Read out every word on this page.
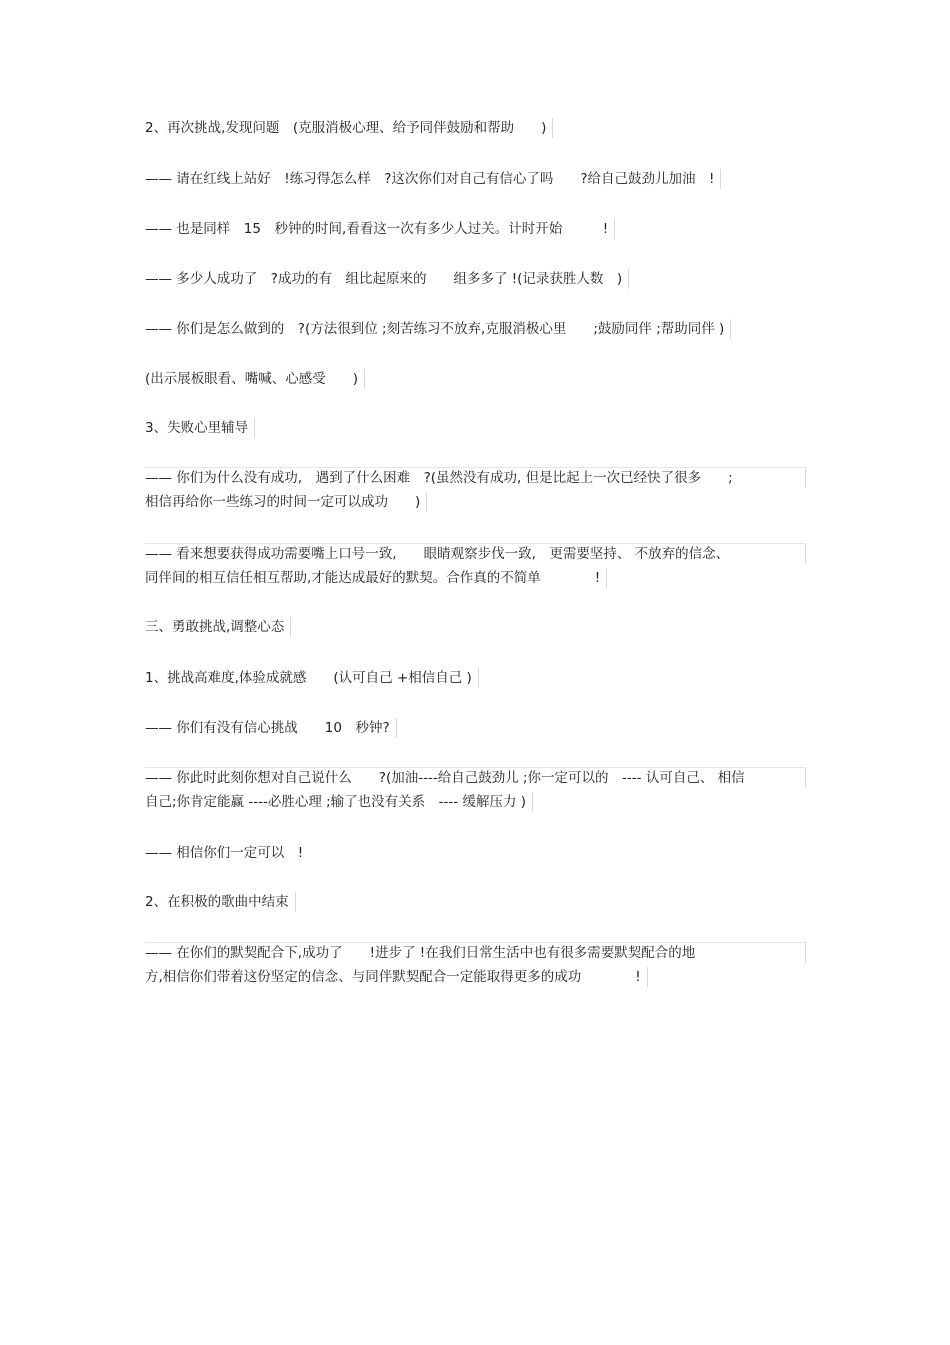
2、再次挑战,发现问题　(克服消极心理、给予同伴鼓励和帮助　　)
—— 请在红线上站好　!练习得怎么样　?这次你们对自己有信心了吗　　?给自己鼓劲儿加油　!
—— 也是同样　15　秒钟的时间,看看这一次有多少人过关。计时开始　　　!
—— 多少人成功了　?成功的有　组比起原来的　　组多多了 !(记录获胜人数　)
—— 你们是怎么做到的　?(方法很到位 ;刻苦练习不放弃,克服消极心里　　;鼓励同伴 ;帮助同伴 )
(出示展板眼看、嘴喊、心感受　　)
3、失败心里辅导
—— 你们为什么没有成功,　遇到了什么困难　?(虽然没有成功, 但是比起上一次已经快了很多　　;
相信再给你一些练习的时间一定可以成功　　)
—— 看来想要获得成功需要嘴上口号一致,　　眼睛观察步伐一致,　更需要坚持、 不放弃的信念、
同伴间的相互信任相互帮助,才能达成最好的默契。合作真的不简单　　　　!
三、勇敢挑战,调整心态
1、挑战高难度,体验成就感　　(认可自己 +相信自己 )
—— 你们有没有信心挑战　　10　秒钟?
—— 你此时此刻你想对自己说什么　　?(加油----给自己鼓劲儿 ;你一定可以的　---- 认可自己、 相信
自己;你肯定能赢 ----必胜心理 ;输了也没有关系　---- 缓解压力 )
—— 相信你们一定可以　!
2、在积极的歌曲中结束
—— 在你们的默契配合下,成功了　　!进步了 !在我们日常生活中也有很多需要默契配合的地
方,相信你们带着这份坚定的信念、与同伴默契配合一定能取得更多的成功　　　　!
